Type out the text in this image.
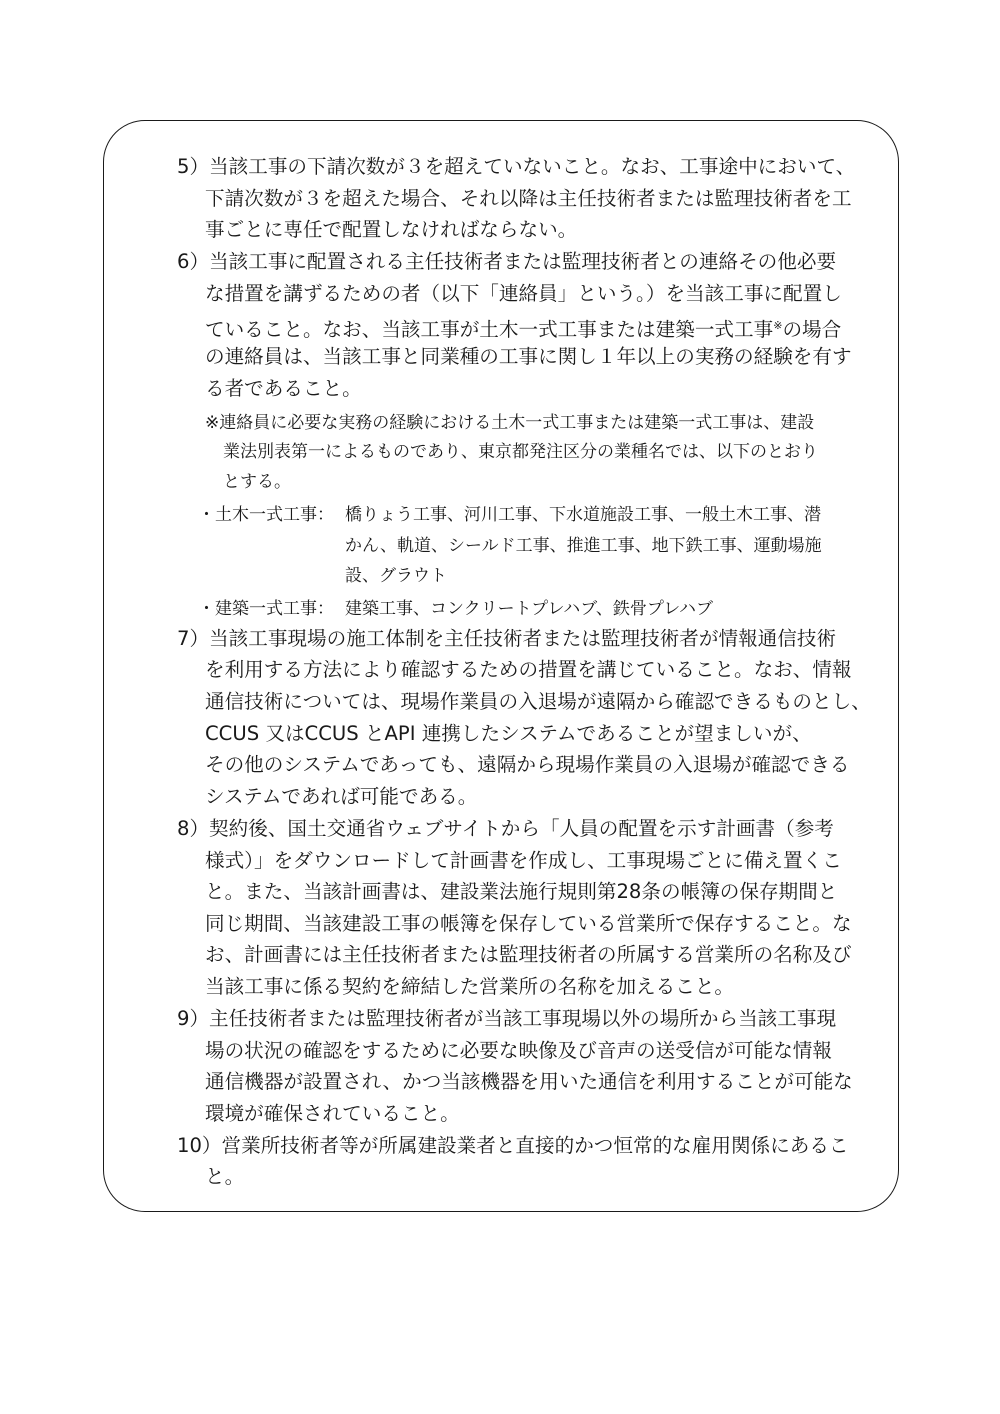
5）当該工事の下請次数が３を超えていないこと。なお、工事途中において、
下請次数が３を超えた場合、それ以降は主任技術者または監理技術者を工
事ごとに専任で配置しなければならない。
6）当該工事に配置される主任技術者または監理技術者との連絡その他必要
な措置を講ずるための者（以下「連絡員」という。）を当該工事に配置し
ていること。なお、当該工事が土木一式工事または建築一式工事※の場合
の連絡員は、当該工事と同業種の工事に関し１年以上の実務の経験を有す
る者であること。
※連絡員に必要な実務の経験における土木一式工事または建築一式工事は、建設
業法別表第一によるものであり、東京都発注区分の業種名では、以下のとおり
とする。
・土木一式工事： 橋りょう工事、河川工事、下水道施設工事、一般土木工事、潜
かん、軌道、シールド工事、推進工事、地下鉄工事、運動場施
設、グラウト
・建築一式工事： 建築工事、コンクリートプレハブ、鉄骨プレハブ
7）当該工事現場の施工体制を主任技術者または監理技術者が情報通信技術
を利用する方法により確認するための措置を講じていること。なお、情報
通信技術については、現場作業員の入退場が遠隔から確認できるものとし、
CCUS 又はCCUS とAPI 連携したシステムであることが望ましいが、
その他のシステムであっても、遠隔から現場作業員の入退場が確認できる
システムであれば可能である。
8）契約後、国土交通省ウェブサイトから「人員の配置を示す計画書（参考
様式）」をダウンロードして計画書を作成し、工事現場ごとに備え置くこ
と。また、当該計画書は、建設業法施行規則第28条の帳簿の保存期間と
同じ期間、当該建設工事の帳簿を保存している営業所で保存すること。な
お、計画書には主任技術者または監理技術者の所属する営業所の名称及び
当該工事に係る契約を締結した営業所の名称を加えること。
9）主任技術者または監理技術者が当該工事現場以外の場所から当該工事現
場の状況の確認をするために必要な映像及び音声の送受信が可能な情報
通信機器が設置され、かつ当該機器を用いた通信を利用することが可能な
環境が確保されていること。
10）営業所技術者等が所属建設業者と直接的かつ恒常的な雇用関係にあるこ
と。
